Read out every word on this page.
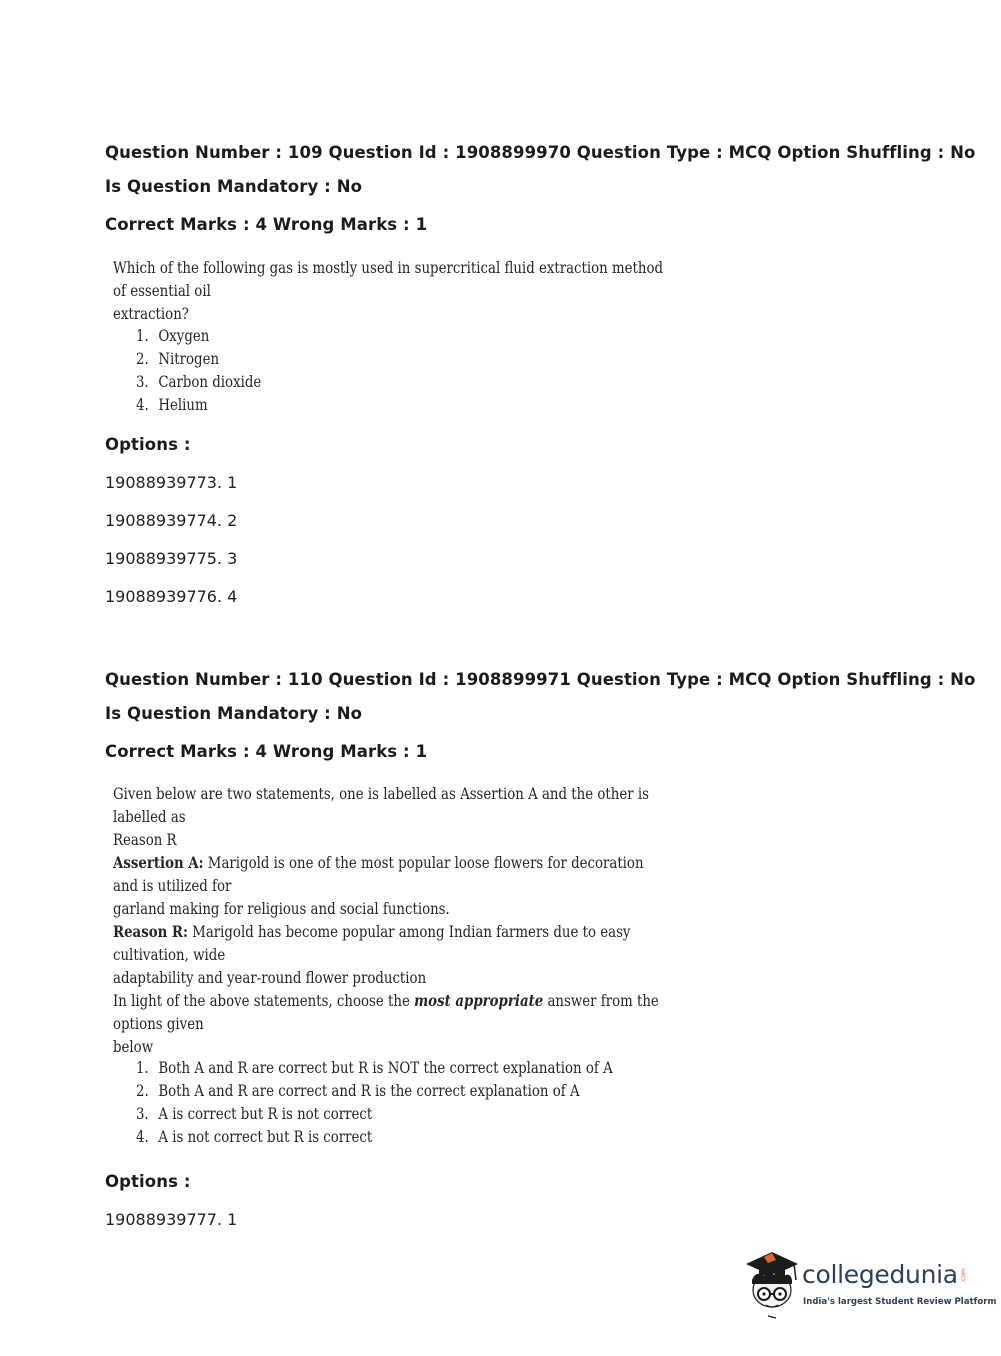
Question Number : 109 Question Id : 1908899970 Question Type : MCQ Option Shuffling : No
Is Question Mandatory : No
Correct Marks : 4 Wrong Marks : 1
Which of the following gas is mostly used in supercritical fluid extraction method of essential oil
extraction?
1. Oxygen
2. Nitrogen
3. Carbon dioxide
4. Helium
Options :
19088939773. 1
19088939774. 2
19088939775. 3
19088939776. 4
Question Number : 110 Question Id : 1908899971 Question Type : MCQ Option Shuffling : No
Is Question Mandatory : No
Correct Marks : 4 Wrong Marks : 1
Given below are two statements, one is labelled as Assertion A and the other is labelled as
Reason R
Assertion A: Marigold is one of the most popular loose flowers for decoration and is utilized for
garland making for religious and social functions.
Reason R: Marigold has become popular among Indian farmers due to easy cultivation, wide
adaptability and year-round flower production
In light of the above statements, choose the most appropriate answer from the options given
below
1. Both A and R are correct but R is NOT the correct explanation of A
2. Both A and R are correct and R is the correct explanation of A
3. A is correct but R is not correct
4. A is not correct but R is correct
Options :
19088939777. 1
collegedunia .com
India's largest Student Review Platform
